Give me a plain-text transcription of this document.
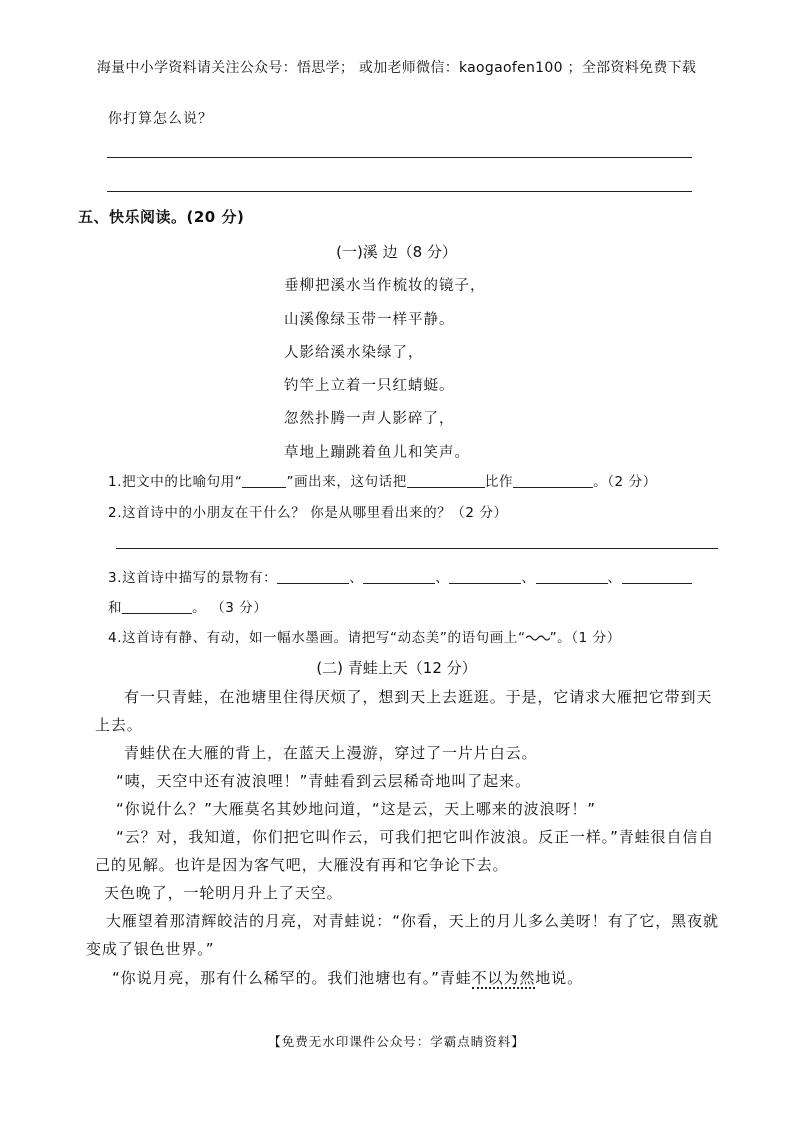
海量中小学资料请关注公众号：悟思学； 或加老师微信：kaogaofen100 ；全部资料免费下载
你打算怎么说？
五、快乐阅读。(20 分)
(一)溪 边（8 分）
垂柳把溪水当作梳妆的镜子，
山溪像绿玉带一样平静。
人影给溪水染绿了，
钓竿上立着一只红蜻蜓。
忽然扑腾一声人影碎了，
草地上蹦跳着鱼儿和笑声。
1.把文中的比喻句用“	”画出来，这句话把	比作	。（2 分）
2.这首诗中的小朋友在干什么？ 你是从哪里看出来的？（2 分）
3.这首诗中描写的景物有：	、	、	、	、
和	。 （3 分）
4.这首诗有静、有动，如一幅水墨画。请把写“动态美”的语句画上“ ”。（1 分）
(二) 青蛙上天（12 分）
有一只青蛙，在池塘里住得厌烦了，想到天上去逛逛。于是，它请求大雁把它带到天
上去。
青蛙伏在大雁的背上，在蓝天上漫游，穿过了一片片白云。
“咦，天空中还有波浪哩！”青蛙看到云层稀奇地叫了起来。
“你说什么？”大雁莫名其妙地问道，“这是云，天上哪来的波浪呀！”
“云？对，我知道，你们把它叫作云，可我们把它叫作波浪。反正一样。”青蛙很自信自
己的见解。也许是因为客气吧，大雁没有再和它争论下去。
天色晚了，一轮明月升上了天空。
大雁望着那清辉皎洁的月亮，对青蛙说：“你看，天上的月儿多么美呀！有了它，黑夜就
变成了银色世界。”
“你说月亮，那有什么稀罕的。我们池塘也有。”青蛙不以为然地说。
【免费无水印课件公众号：学霸点睛资料】
